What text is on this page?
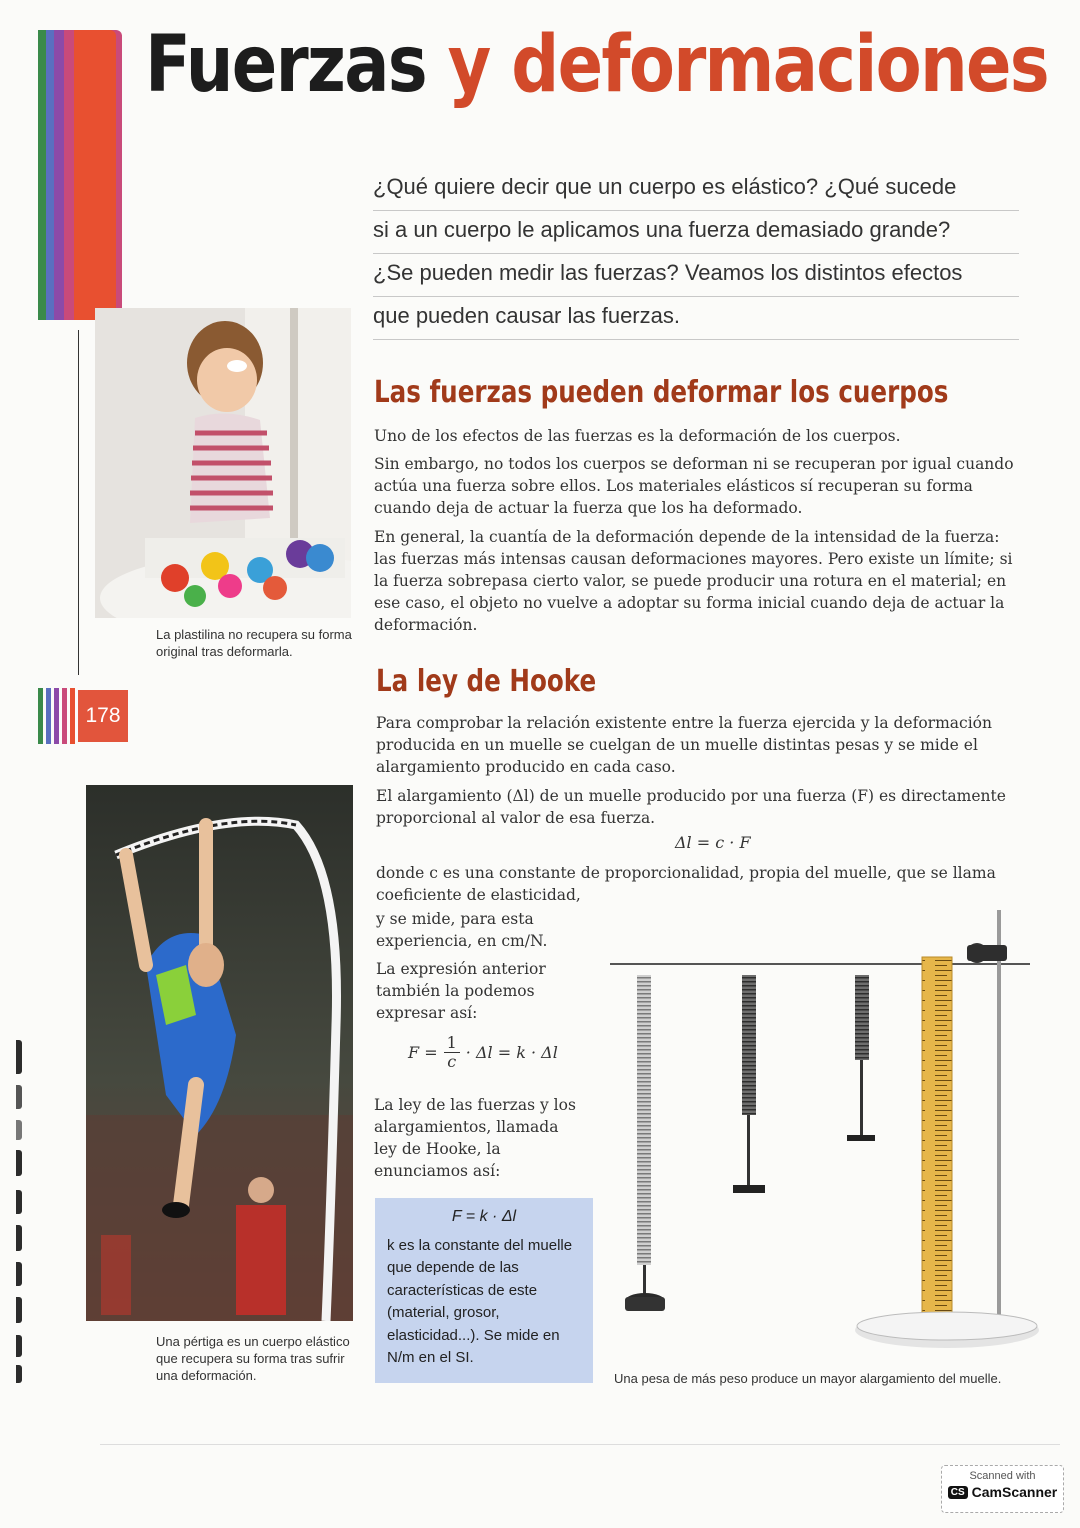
178
Fuerzas y deformaciones
¿Qué quiere decir que un cuerpo es elástico? ¿Qué sucede
si a un cuerpo le aplicamos una fuerza demasiado grande?
¿Se pueden medir las fuerzas? Veamos los distintos efectos
que pueden causar las fuerzas.
La plastilina no recupera su forma original tras deformarla.
Una pértiga es un cuerpo elástico que recupera su forma tras sufrir una deformación.
Las fuerzas pueden deformar los cuerpos
Uno de los efectos de las fuerzas es la deformación de los cuerpos.
Sin embargo, no todos los cuerpos se deforman ni se recuperan por igual cuando actúa una fuerza sobre ellos. Los materiales elásticos sí recuperan su forma cuando deja de actuar la fuerza que los ha deformado.
En general, la cuantía de la deformación depende de la intensidad de la fuerza: las fuerzas más intensas causan deformaciones mayores. Pero existe un límite; si la fuerza sobrepasa cierto valor, se puede producir una rotura en el material; en ese caso, el objeto no vuelve a adoptar su forma inicial cuando deja de actuar la deformación.
La ley de Hooke
Para comprobar la relación existente entre la fuerza ejercida y la deformación producida en un muelle se cuelgan de un muelle distintas pesas y se mide el alargamiento producido en cada caso.
El alargamiento (Δl) de un muelle producido por una fuerza (F) es directamente proporcional al valor de esa fuerza.
Δl = c · F
donde c es una constante de proporcionalidad, propia del muelle, que se llama coeficiente de elasticidad,
y se mide, para esta experiencia, en cm/N.
La expresión anterior también la podemos expresar así:
$F = \frac{1}{c} \cdot \Delta l = k \cdot \Delta l$
La ley de las fuerzas y los alargamientos, llamada ley de Hooke, la enunciamos así:
F = k · Δl
k es la constante del muelle que depende de las características de este (material, grosor, elasticidad...). Se mide en N/m en el SI.
Una pesa de más peso produce un mayor alargamiento del muelle.
Scanned with
CS CamScanner
